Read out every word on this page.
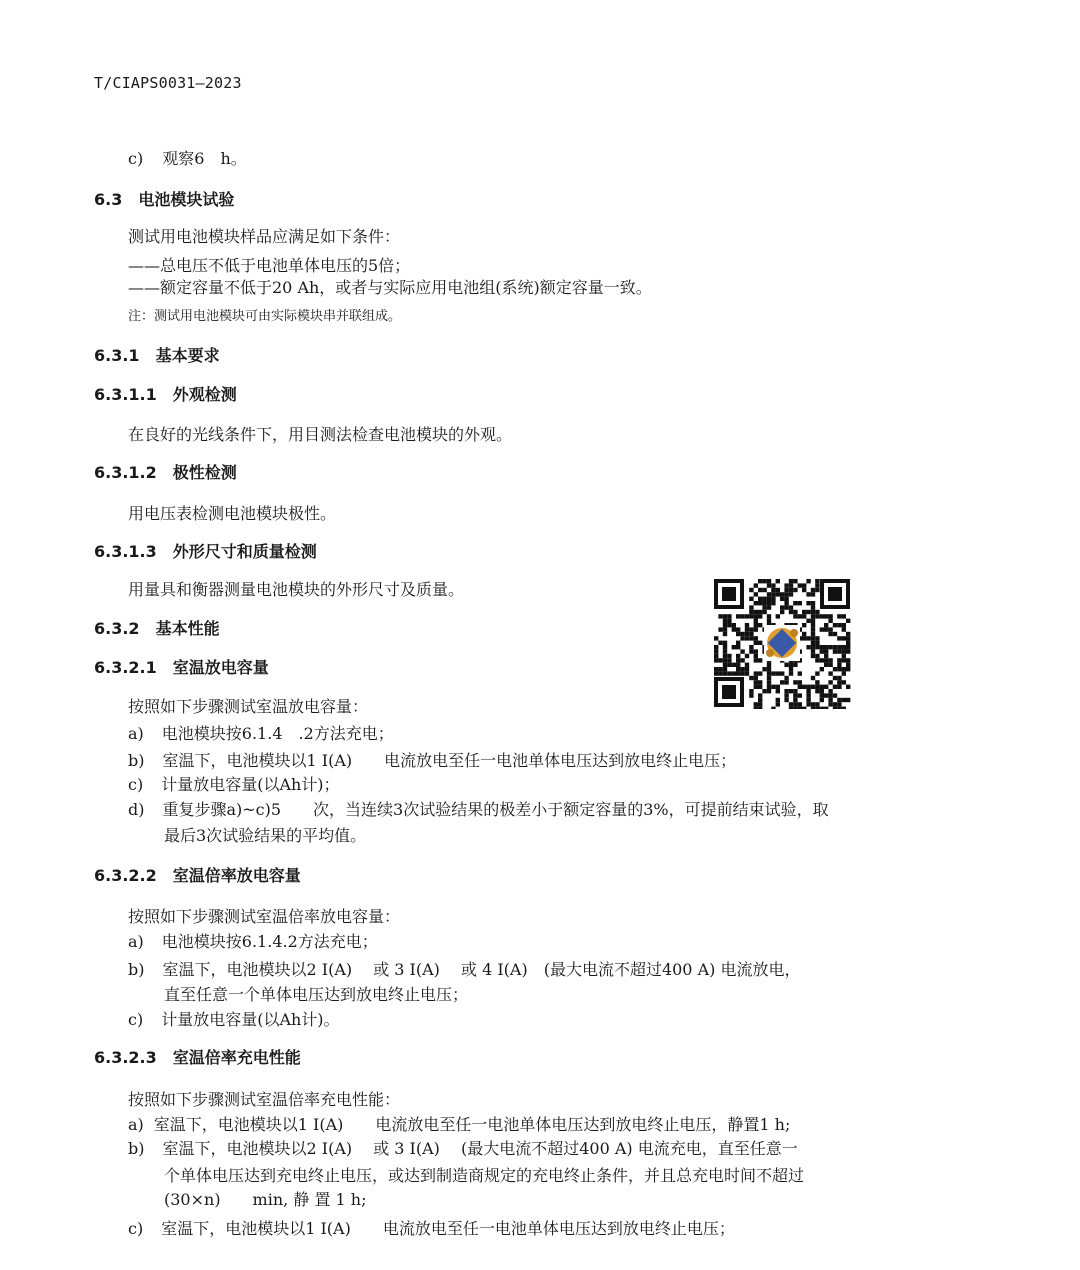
T/CIAPS0031—2023
c) 观察6　h。
6.3 电池模块试验
测试用电池模块样品应满足如下条件：
——总电压不低于电池单体电压的5倍；
——额定容量不低于20 Ah，或者与实际应用电池组(系统)额定容量一致。
注：测试用电池模块可由实际模块串并联组成。
6.3.1 基本要求
6.3.1.1 外观检测
在良好的光线条件下，用目测法检查电池模块的外观。
6.3.1.2 极性检测
用电压表检测电池模块极性。
6.3.1.3 外形尺寸和质量检测
用量具和衡器测量电池模块的外形尺寸及质量。
6.3.2 基本性能
6.3.2.1 室温放电容量
按照如下步骤测试室温放电容量：
a) 电池模块按6.1.4　.2方法充电；
b) 室温下，电池模块以1 I(A)　　电流放电至任一电池单体电压达到放电终止电压；
c) 计量放电容量(以Ah计)；
d) 重复步骤a)~c)5　　次，当连续3次试验结果的极差小于额定容量的3%，可提前结束试验，取
最后3次试验结果的平均值。
6.3.2.2 室温倍率放电容量
按照如下步骤测试室温倍率放电容量：
a) 电池模块按6.1.4.2方法充电；
b) 室温下，电池模块以2 I(A)　 或 3 I(A)　 或 4 I(A)　(最大电流不超过400 A) 电流放电，
直至任意一个单体电压达到放电终止电压；
c) 计量放电容量(以Ah计)。
6.3.2.3 室温倍率充电性能
按照如下步骤测试室温倍率充电性能：
a) 室温下，电池模块以1 I(A)　　电流放电至任一电池单体电压达到放电终止电压，静置1 h;
b) 室温下，电池模块以2 I(A)　 或 3 I(A)　 (最大电流不超过400 A) 电流充电，直至任意一
个单体电压达到充电终止电压，或达到制造商规定的充电终止条件，并且总充电时间不超过
(30×n)　　min, 静 置 1 h;
c) 室温下，电池模块以1 I(A)　　电流放电至任一电池单体电压达到放电终止电压；
